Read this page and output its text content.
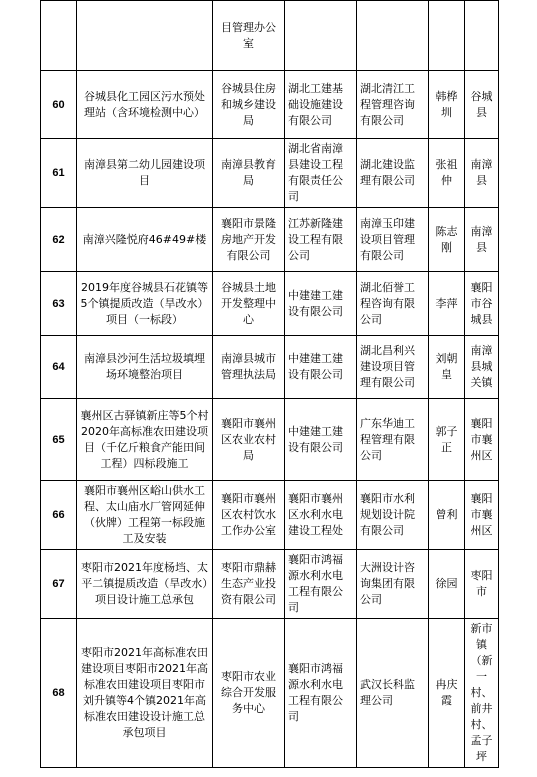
		目管理办公室				
60	谷城县化工园区污水预处理站（含环境检测中心）	谷城县住房和城乡建设局	湖北工建基础设施建设有限公司	湖北清江工程管理咨询有限公司	韩桦圳	谷城县
61	南漳县第二幼儿园建设项目	南漳县教育局	湖北省南漳县建设工程有限责任公司	湖北建设监理有限公司	张祖仲	南漳县
62	南漳兴隆悦府46#49#楼	襄阳市景隆房地产开发有限公司	江苏新隆建设工程有限公司	南漳玉印建设项目管理有限公司	陈志刚	南漳县
63	2019年度谷城县石花镇等5个镇提质改造（旱改水）项目（一标段）	谷城县土地开发整理中心	中建建工建设有限公司	湖北佰誉工程咨询有限公司	李萍	襄阳市谷城县
64	南漳县沙河生活垃圾填埋场环境整治项目	南漳县城市管理执法局	中建建工建设有限公司	湖北昌利兴建设项目管理有限公司	刘朝皇	南漳县城关镇
65	襄州区古驿镇新庄等5个村2020年高标准农田建设项目（千亿斤粮食产能田间工程）四标段施工	襄阳市襄州区农业农村局	中建建工建设有限公司	广东华迪工程管理有限公司	郭子正	襄阳市襄州区
66	襄阳市襄州区峪山供水工程、太山庙水厂管网延伸（伙牌）工程第一标段施工及安装	襄阳市襄州区农村饮水工作办公室	襄阳市襄州区水利水电建设工程处	襄阳市水利规划设计院有限公司	曾利	襄阳市襄州区
67	枣阳市2021年度杨垱、太平二镇提质改造（旱改水）项目设计施工总承包	枣阳市鼎赫生态产业投资有限公司	襄阳市鸿福源水利水电工程有限公司	大洲设计咨询集团有限公司	徐园	枣阳市
68	枣阳市2021年高标准农田建设项目枣阳市2021年高标准农田建设项目枣阳市刘升镇等4个镇2021年高标准农田建设设计施工总承包项目	枣阳市农业综合开发服务中心	襄阳市鸿福源水利水电工程有限公司	武汉长科监理公司	冉庆霞	新市镇（新一村、前井村、孟子坪
